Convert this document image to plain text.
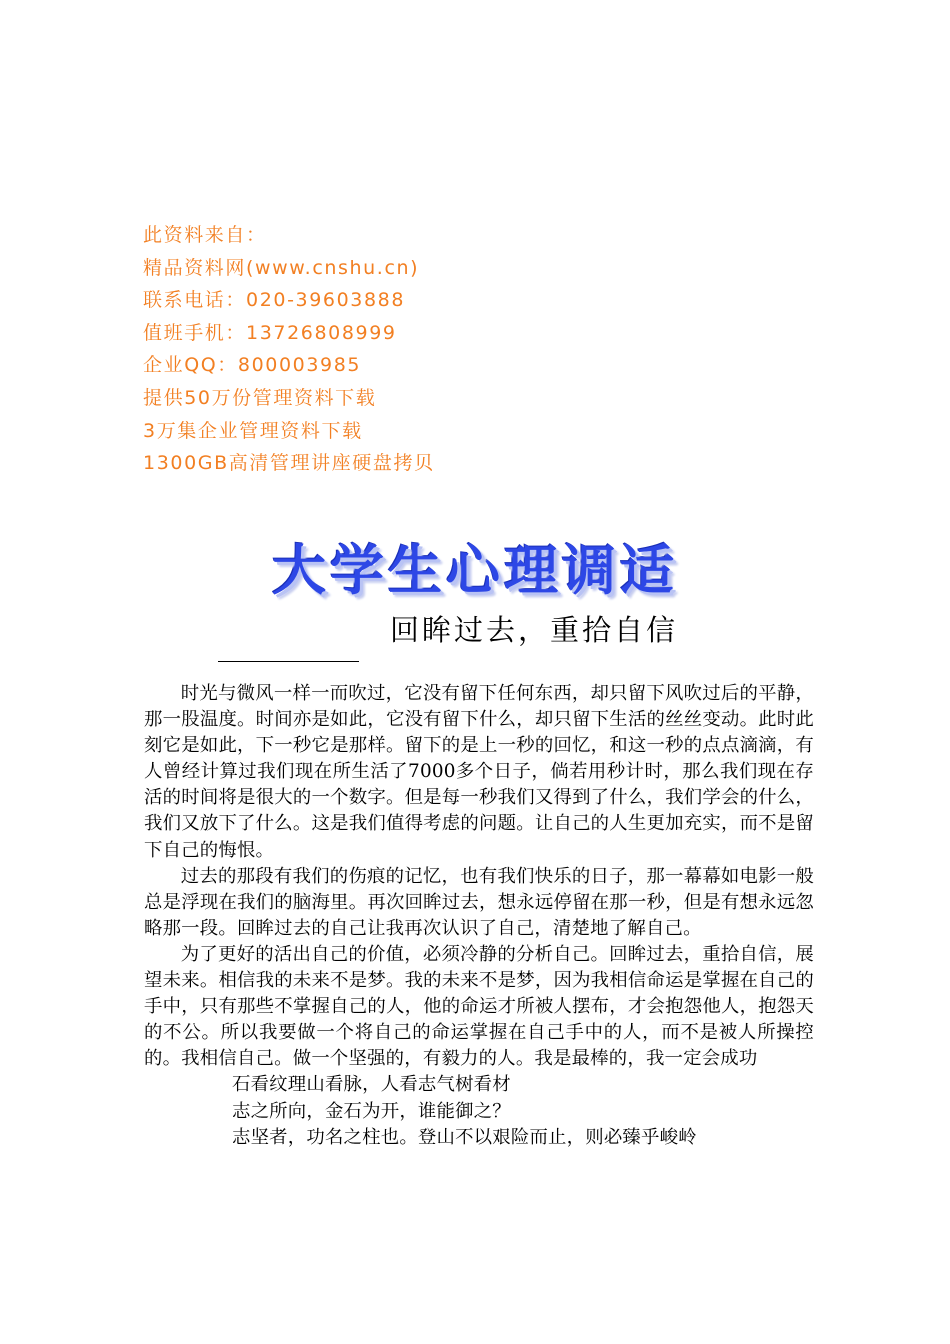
此资料来自：
精品资料网(www.cnshu.cn)
联系电话：020-39603888
值班手机：13726808999
企业QQ：800003985
提供50万份管理资料下载
3万集企业管理资料下载
1300GB高清管理讲座硬盘拷贝
大学生心理调适
回眸过去，重拾自信

时光与微风一样一而吹过，它没有留下任何东西，却只留下风吹过后的平静，那一股温度。时间亦是如此，它没有留下什么，却只留下生活的丝丝变动。此时此刻它是如此，下一秒它是那样。留下的是上一秒的回忆，和这一秒的点点滴滴，有人曾经计算过我们现在所生活了7000多个日子，倘若用秒计时，那么我们现在存活的时间将是很大的一个数字。但是每一秒我们又得到了什么，我们学会的什么，我们又放下了什么。这是我们值得考虑的问题。让自己的人生更加充实，而不是留下自己的悔恨。

过去的那段有我们的伤痕的记忆，也有我们快乐的日子，那一幕幕如电影一般总是浮现在我们的脑海里。再次回眸过去，想永远停留在那一秒，但是有想永远忽略那一段。回眸过去的自己让我再次认识了自己，清楚地了解自己。

为了更好的活出自己的价值，必须冷静的分析自己。回眸过去，重拾自信，展望未来。相信我的未来不是梦。我的未来不是梦，因为我相信命运是掌握在自己的手中，只有那些不掌握自己的人，他的命运才所被人摆布，才会抱怨他人，抱怨天的不公。所以我要做一个将自己的命运掌握在自己手中的人，而不是被人所操控的。我相信自己。做一个坚强的，有毅力的人。我是最棒的，我一定会成功

石看纹理山看脉，人看志气树看材
志之所向，金石为开，谁能御之？
志坚者，功名之柱也。登山不以艰险而止，则必臻乎峻岭
